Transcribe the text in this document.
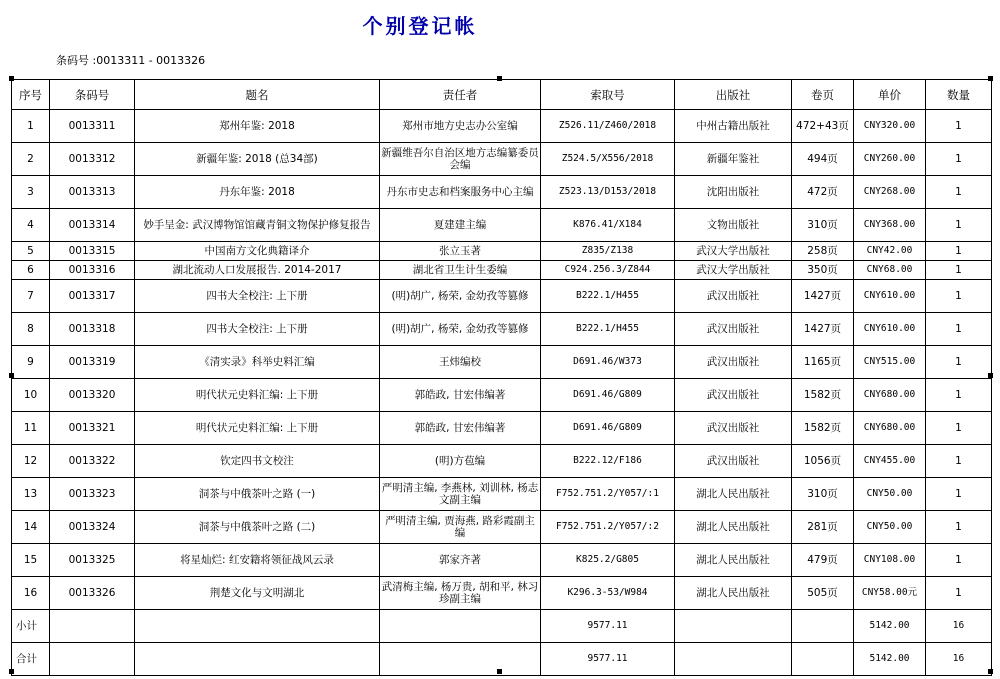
个别登记帐
条码号 :0013311 - 0013326
序号	条码号	题名	责任者	索取号	出版社	卷页	单价	数量
1	0013311	郑州年鉴: 2018	郑州市地方史志办公室编	Z526.11/Z460/2018	中州古籍出版社	472+43页	CNY320.00	1
2	0013312	新疆年鉴: 2018 (总34部)	新疆维吾尔自治区地方志编纂委员会编	Z524.5/X556/2018	新疆年鉴社	494页	CNY260.00	1
3	0013313	丹东年鉴: 2018	丹东市史志和档案服务中心主编	Z523.13/D153/2018	沈阳出版社	472页	CNY268.00	1
4	0013314	妙手呈金: 武汉博物馆馆藏青铜文物保护修复报告	夏建建主编	K876.41/X184	文物出版社	310页	CNY368.00	1
5	0013315	中国南方文化典籍译介	张立玉著	Z835/Z138	武汉大学出版社	258页	CNY42.00	1
6	0013316	湖北流动人口发展报告. 2014-2017	湖北省卫生计生委编	C924.256.3/Z844	武汉大学出版社	350页	CNY68.00	1
7	0013317	四书大全校注: 上下册	(明)胡广, 杨荣, 金幼孜等篡修	B222.1/H455	武汉出版社	1427页	CNY610.00	1
8	0013318	四书大全校注: 上下册	(明)胡广, 杨荣, 金幼孜等篡修	B222.1/H455	武汉出版社	1427页	CNY610.00	1
9	0013319	《清实录》科举史料汇编	王炜编校	D691.46/W373	武汉出版社	1165页	CNY515.00	1
10	0013320	明代状元史料汇编: 上下册	郭皓政, 甘宏伟编著	D691.46/G809	武汉出版社	1582页	CNY680.00	1
11	0013321	明代状元史料汇编: 上下册	郭皓政, 甘宏伟编著	D691.46/G809	武汉出版社	1582页	CNY680.00	1
12	0013322	钦定四书文校注	(明)方苞编	B222.12/F186	武汉出版社	1056页	CNY455.00	1
13	0013323	洞茶与中俄茶叶之路 (一)	严明清主编, 李燕林, 刘训林, 杨志文副主编	F752.751.2/Y057/:1	湖北人民出版社	310页	CNY50.00	1
14	0013324	洞茶与中俄茶叶之路 (二)	严明清主编, 贾海燕, 路彩霞副主编	F752.751.2/Y057/:2	湖北人民出版社	281页	CNY50.00	1
15	0013325	将星灿烂: 红安籍将领征战风云录	郭家齐著	K825.2/G805	湖北人民出版社	479页	CNY108.00	1
16	0013326	荆楚文化与文明湖北	武清梅主编, 杨万贵, 胡和平, 林习珍副主编	K296.3-53/W984	湖北人民出版社	505页	CNY58.00元	1
小计				9577.11			5142.00	16
合计				9577.11			5142.00	16
